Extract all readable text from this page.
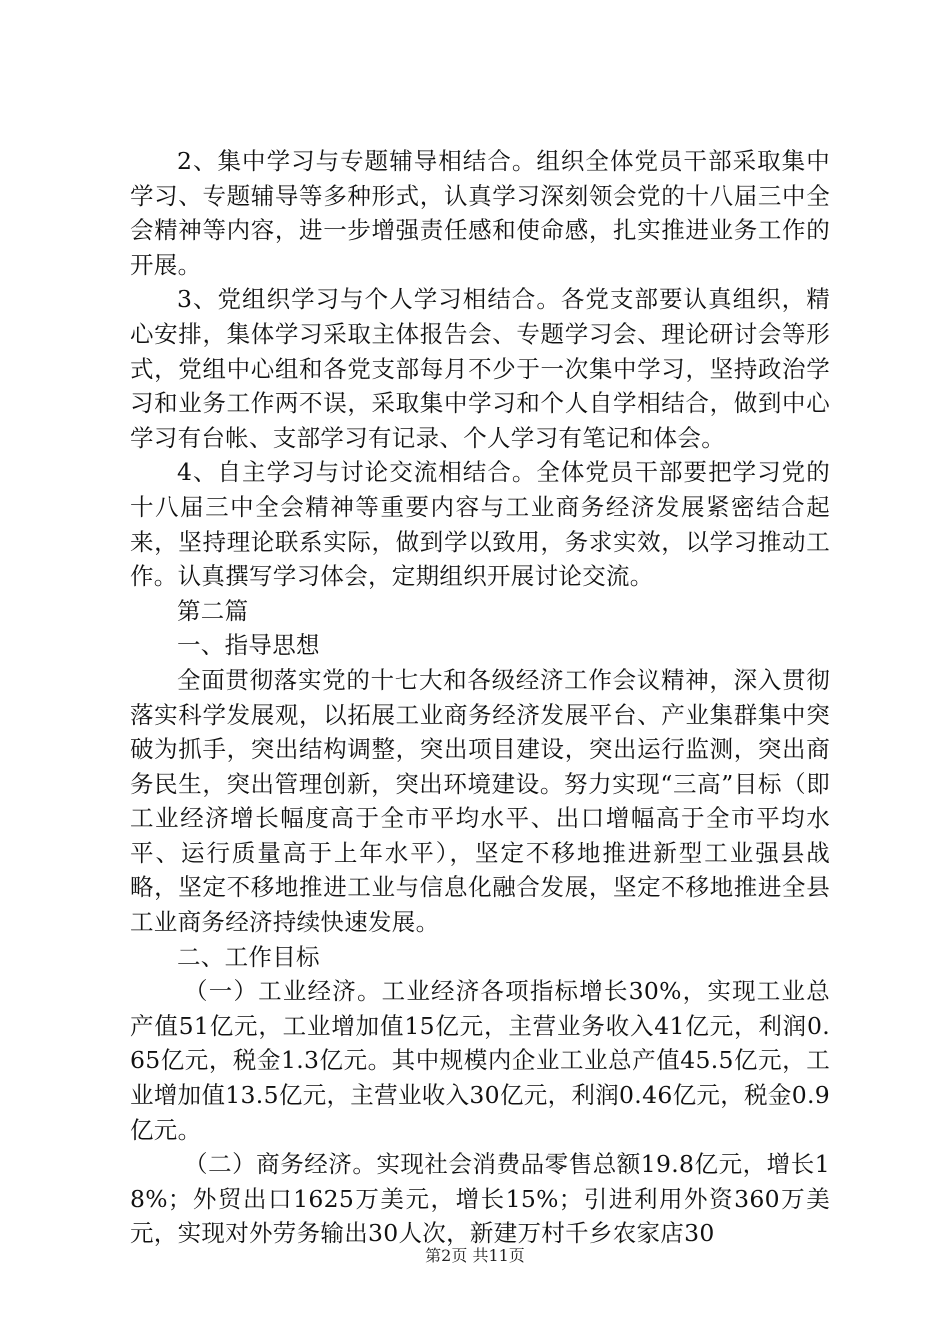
2、集中学习与专题辅导相结合。组织全体党员干部采取集中学习、专题辅导等多种形式，认真学习深刻领会党的十八届三中全会精神等内容，进一步增强责任感和使命感，扎实推进业务工作的开展。

3、党组织学习与个人学习相结合。各党支部要认真组织，精心安排，集体学习采取主体报告会、专题学习会、理论研讨会等形式，党组中心组和各党支部每月不少于一次集中学习，坚持政治学习和业务工作两不误，采取集中学习和个人自学相结合，做到中心学习有台帐、支部学习有记录、个人学习有笔记和体会。

4、自主学习与讨论交流相结合。全体党员干部要把学习党的十八届三中全会精神等重要内容与工业商务经济发展紧密结合起来，坚持理论联系实际，做到学以致用，务求实效，以学习推动工作。认真撰写学习体会，定期组织开展讨论交流。

第二篇

一、指导思想

全面贯彻落实党的十七大和各级经济工作会议精神，深入贯彻落实科学发展观，以拓展工业商务经济发展平台、产业集群集中突破为抓手，突出结构调整，突出项目建设，突出运行监测，突出商务民生，突出管理创新，突出环境建设。努力实现“三高”目标（即工业经济增长幅度高于全市平均水平、出口增幅高于全市平均水平、运行质量高于上年水平），坚定不移地推进新型工业强县战略，坚定不移地推进工业与信息化融合发展，坚定不移地推进全县工业商务经济持续快速发展。

二、工作目标

（一）工业经济。工业经济各项指标增长30%，实现工业总产值51亿元，工业增加值15亿元，主营业务收入41亿元，利润0.65亿元，税金1.3亿元。其中规模内企业工业总产值45.5亿元，工业增加值13.5亿元，主营业收入30亿元，利润0.46亿元，税金0.9亿元。

（二）商务经济。实现社会消费品零售总额19.8亿元，增长18%；外贸出口1625万美元，增长15%；引进利用外资360万美元，实现对外劳务输出30人次，新建万村千乡农家店30

第2页 共11页
